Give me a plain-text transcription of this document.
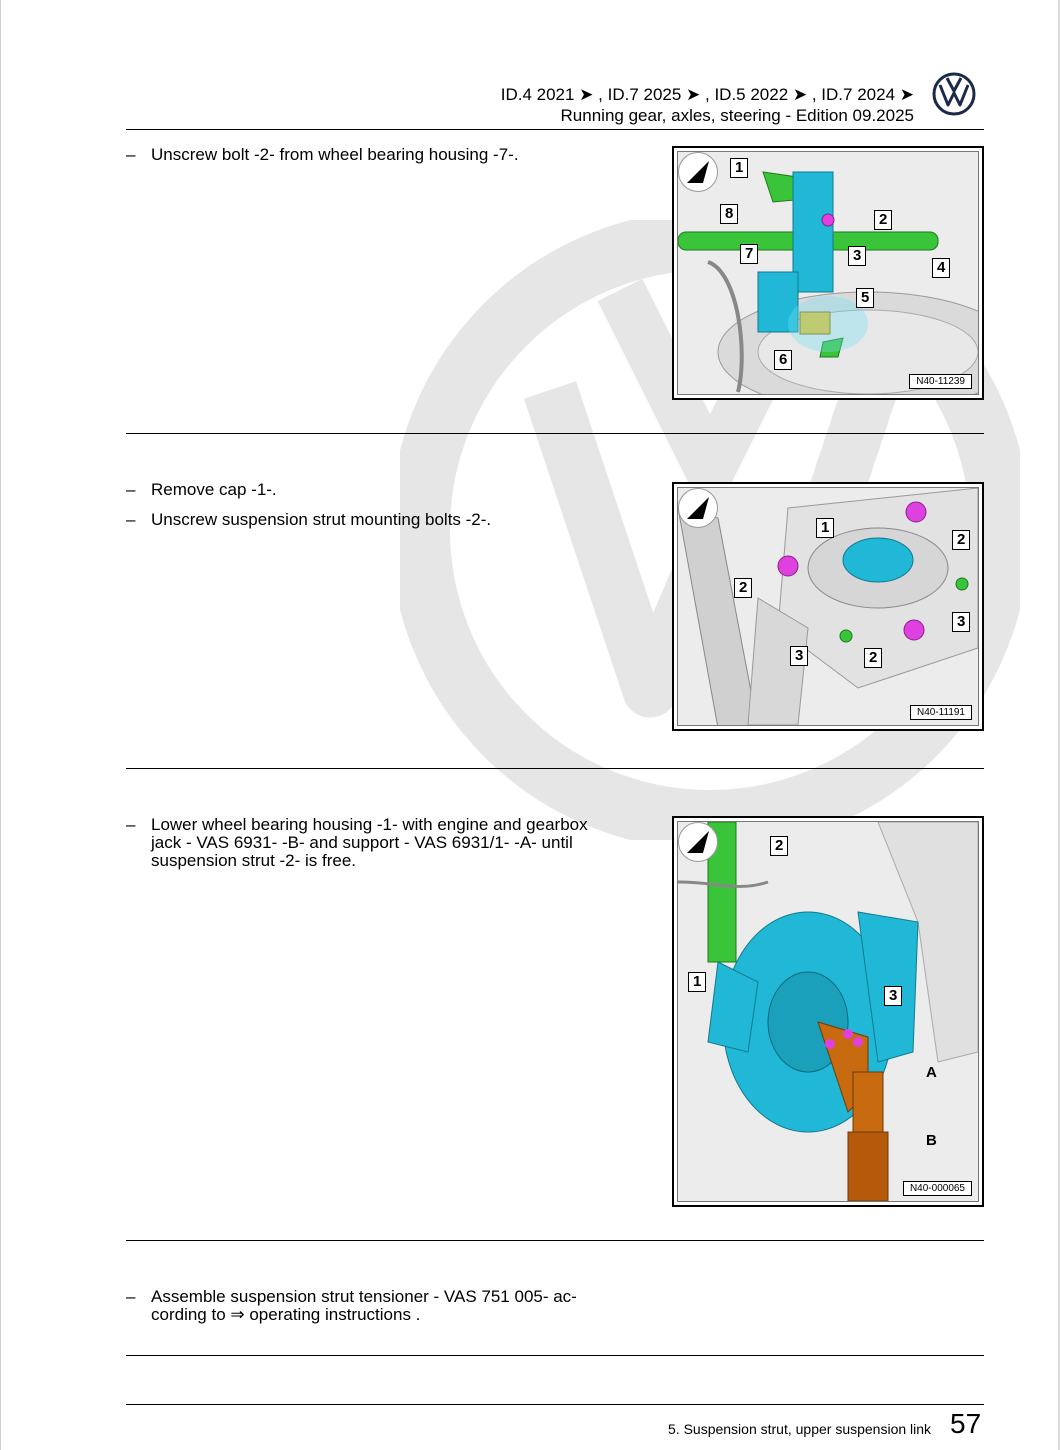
ID.4 2021 ➤ , ID.7 2025 ➤ , ID.5 2022 ➤ , ID.7 2024 ➤
Running gear, axles, steering - Edition 09.2025
– Unscrew bolt -2- from wheel bearing housing -7-.
1
2
3
4
5
6
7
8
N40-11239
– Remove cap -1-.
– Unscrew suspension strut mounting bolts -2-.	1
2
2
2
3
3
N40-11191
– Lower wheel bearing housing -1- with engine and gearbox jack - VAS 6931- -B- and support - VAS 6931/1- -A- until suspension strut -2- is free.
2
1
3
A
B
N40-000065
– Assemble suspension strut tensioner - VAS 751 005- ac-cording to ⇒ operating instructions .
5. Suspension strut, upper suspension link 57
